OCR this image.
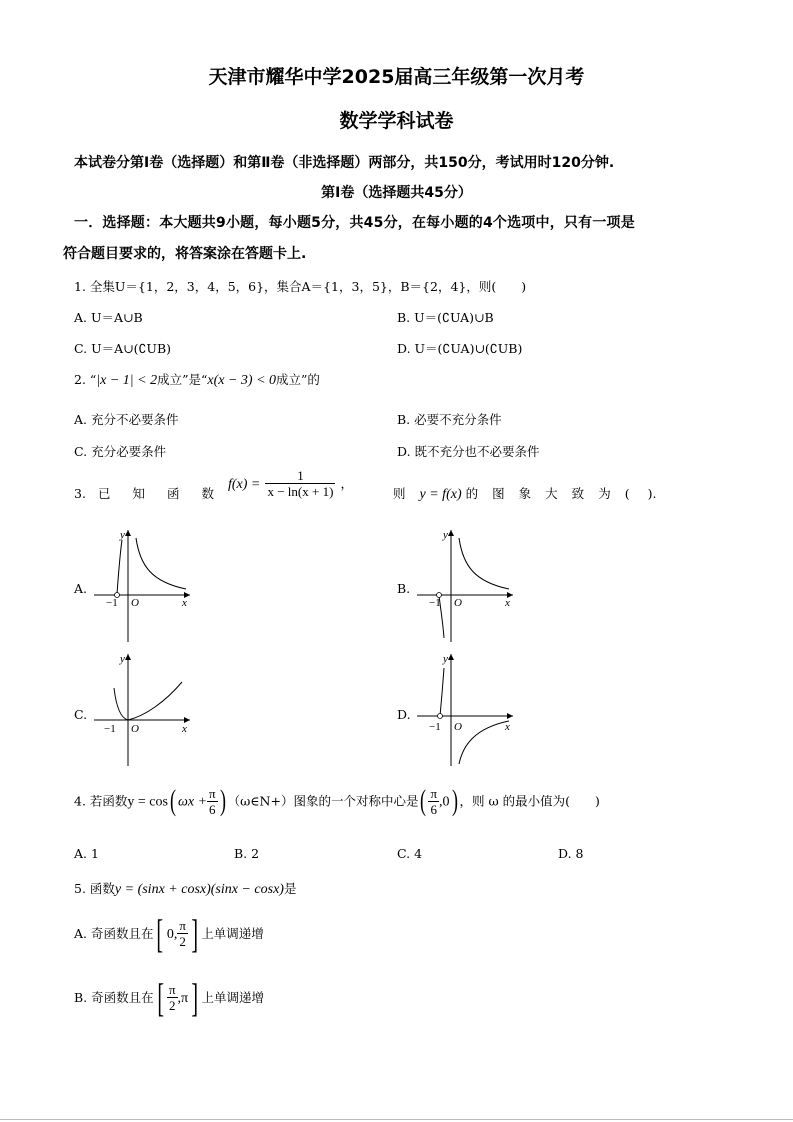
天津市耀华中学2025届高三年级第一次月考
数学学科试卷
本试卷分第Ⅰ卷（选择题）和第Ⅱ卷（非选择题）两部分，共150分，考试用时120分钟.
第Ⅰ卷（选择题共45分）
一．选择题：本大题共9小题，每小题5分，共45分，在每小题的4个选项中，只有一项是
符合题目要求的，将答案涂在答题卡上.
1. 全集U＝{1，2，3，4，5，6}，集合A＝{1，3，5}，B＝{2，4}，则(　　)
A. U＝A∪B	B. U＝(∁UA)∪B
C. U＝A∪(∁UB)	D. U＝(∁UA)∪(∁UB)
2. “|x − 1| < 2成立”是“x(x − 3) < 0成立”的
A. 充分不必要条件	B. 必要不充分条件
C. 充分必要条件	D. 既不充分也不必要条件
3. 已 知 函 数
$f(x) = \frac{1}{x - \ln(x + 1)}$ ，
则 y = f(x) 的 图 象 大 致 为 ( ).
A.	B.
C.	D.
y
x
O
−1
y
x
O
−1
y
x
O
−1
y
x
O
−1
4. 若函数y = cos( $\omega x + \frac{\pi}{6}$ ) （ω∈N+）图象的一个对称中心是( $\frac{\pi}{6} ,0$) ，则 ω 的最小值为(　　)
A. 1	B. 2	C. 4	D. 8
5. 函数y = (sinx + cosx)(sinx − cosx)是
A. 奇函数且在[ 0, $\frac{\pi}{2}$ ] 上单调递增
B. 奇函数且在[ $\frac{\pi}{2} ,\pi$] 上单调递增
